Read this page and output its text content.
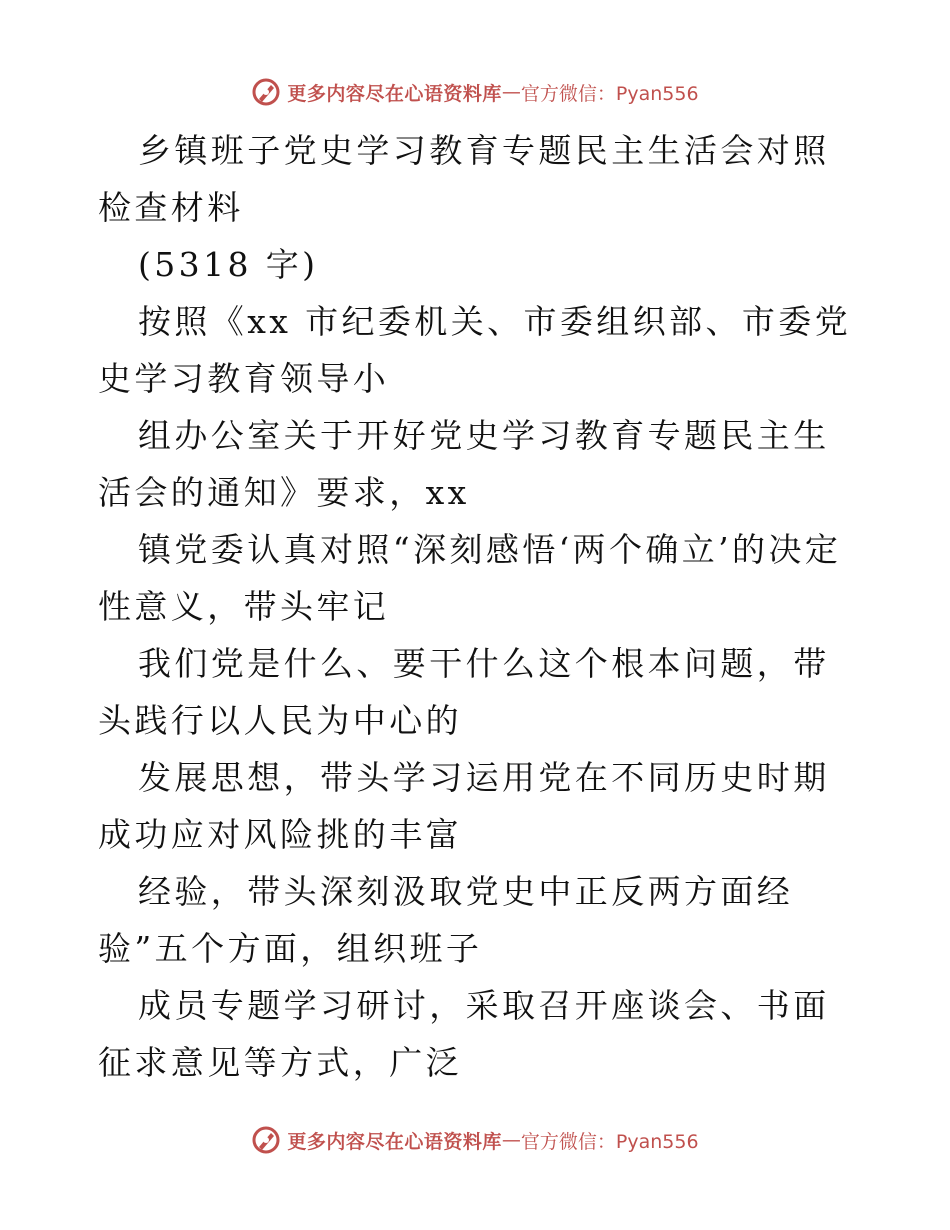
更多内容尽在心语资料库 — 官方微信：Pyan556

乡镇班子党史学习教育专题民主生活会对照检查材料

(5318 字)

按照《xx 市纪委机关、市委组织部、市委党史学习教育领导小

组办公室关于开好党史学习教育专题民主生活会的通知》要求，xx

镇党委认真对照“深刻感悟‘两个确立’的决定性意义，带头牢记

我们党是什么、要干什么这个根本问题，带头践行以人民为中心的

发展思想，带头学习运用党在不同历史时期成功应对风险挑的丰富

经验，带头深刻汲取党史中正反两方面经验”五个方面，组织班子

成员专题学习研讨，采取召开座谈会、书面征求意见等方式，广泛

更多内容尽在心语资料库 — 官方微信：Pyan556
